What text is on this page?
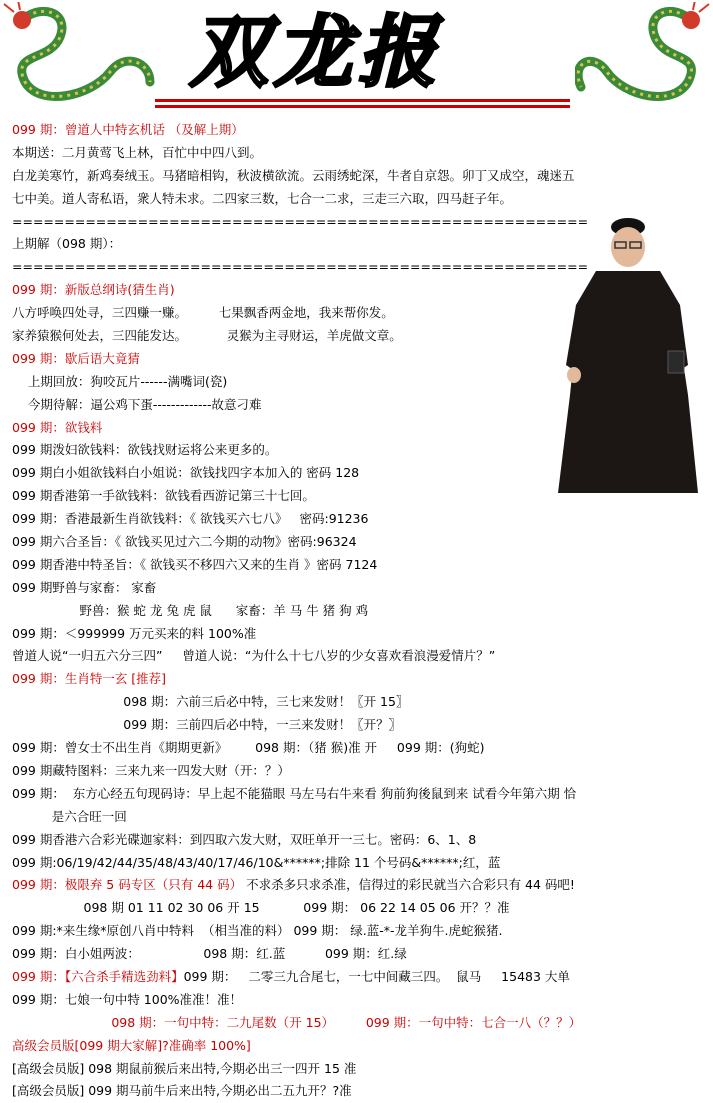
双龙报
099 期：曾道人中特玄机话 （及解上期）
本期送：二月黄莺飞上林，百忙中中四八到。
白龙美寒竹，新鸡奏绒玉。马猪暗相钩，秋波横欲流。云雨绣蛇深，牛者自京怨。卯丁又成空，魂迷五
七中美。道人寄私语，衆人特未求。二四家三数，七合一二求，三走三六取，四马赶子年。
=======================================================
上期解（098 期）：
=======================================================
099 期：新版总纲诗(猜生肖)
八方呼唤四处寻，三四赚一赚。        七果飘香两金地，我来帮你发。
家养猿猴何处去，三四能发达。          灵猴为主寻财运，羊虎做文章。
099 期：歇后语大竟猜
上期回放：狗咬瓦片------满嘴词(瓷)
今期待解：逼公鸡下蛋-------------故意刁难
099 期：欲钱料
099 期泼妇欲钱料：欲钱找财运将公来更多的。
099 期白小姐欲钱料白小姐说：欲钱找四字本加入的 密码 128
099 期香港第一手欲钱料：欲钱看西游记第三十七回。
099 期：香港最新生肖欲钱料：《 欲钱买六七八》   密码:91236
099 期六合圣旨：《 欲钱买见过六二今期的动物》密码:96324
099 期香港中特圣旨：《 欲钱买不移四六又来的生肖 》密码 7124
099 期野兽与家畜： 家畜
野兽：猴 蛇 龙 兔 虎 鼠      家畜：羊 马 牛 猪 狗 鸡
099 期：＜999999 万元买来的料 100%准
曾道人说“一归五六分三四”     曾道人说：“为什么十七八岁的少女喜欢看浪漫爱情片？”
099 期：生肖特一玄 [推荐]
098 期：六前三后必中特，三七来发财！〖开 15〗
099 期：三前四后必中特，一三来发财！〖开？〗
099 期：曾女士不出生肖《期期更新》       098 期：（猪 猴)准 开     099 期：(狗蛇)
099 期藏特图料：三来九来一四发大财（开：？）
099 期：  东方心经五句现码诗：早上起不能猫眼 马左马右牛来看 狗前狗後鼠到来 试看今年第六期 恰
是六合旺一回
099 期香港六合彩光碟迦家料：到四取六发大财，双旺单开一三七。密码：6、1、8
099 期:06/19/42/44/35/48/43/40/17/46/10&******;排除 11 个号码&******;红，蓝
099 期：极限弃 5 码专区（只有 44 码） 不求杀多只求杀准，信得过的彩民就当六合彩只有 44 码吧!
098 期 01 11 02 30 06 开 15           099 期： 06 22 14 05 06 开？？准
099 期:*来生缘*原创八肖中特料  （相当准的料） 099 期： 绿.蓝-*-龙羊狗牛.虎蛇猴猪.
099 期：白小姐两波：                098 期：红.蓝          099 期：红.绿
099 期：【六合杀手精选劲料】099 期：   二零三九合尾七，一七中间藏三四。  鼠马     15483 大单
099 期：七娘一句中特 100%准准！准！
098 期：一句中特：二九尾数（开 15）        099 期：一句中特：七合一八（？？）
高级会员版[099 期大家解]?准确率 100%]
[高级会员版] 098 期鼠前猴后来出特,今期必出三一四开 15 准
[高级会员版] 099 期马前牛后来出特,今期必出二五九开？?准
